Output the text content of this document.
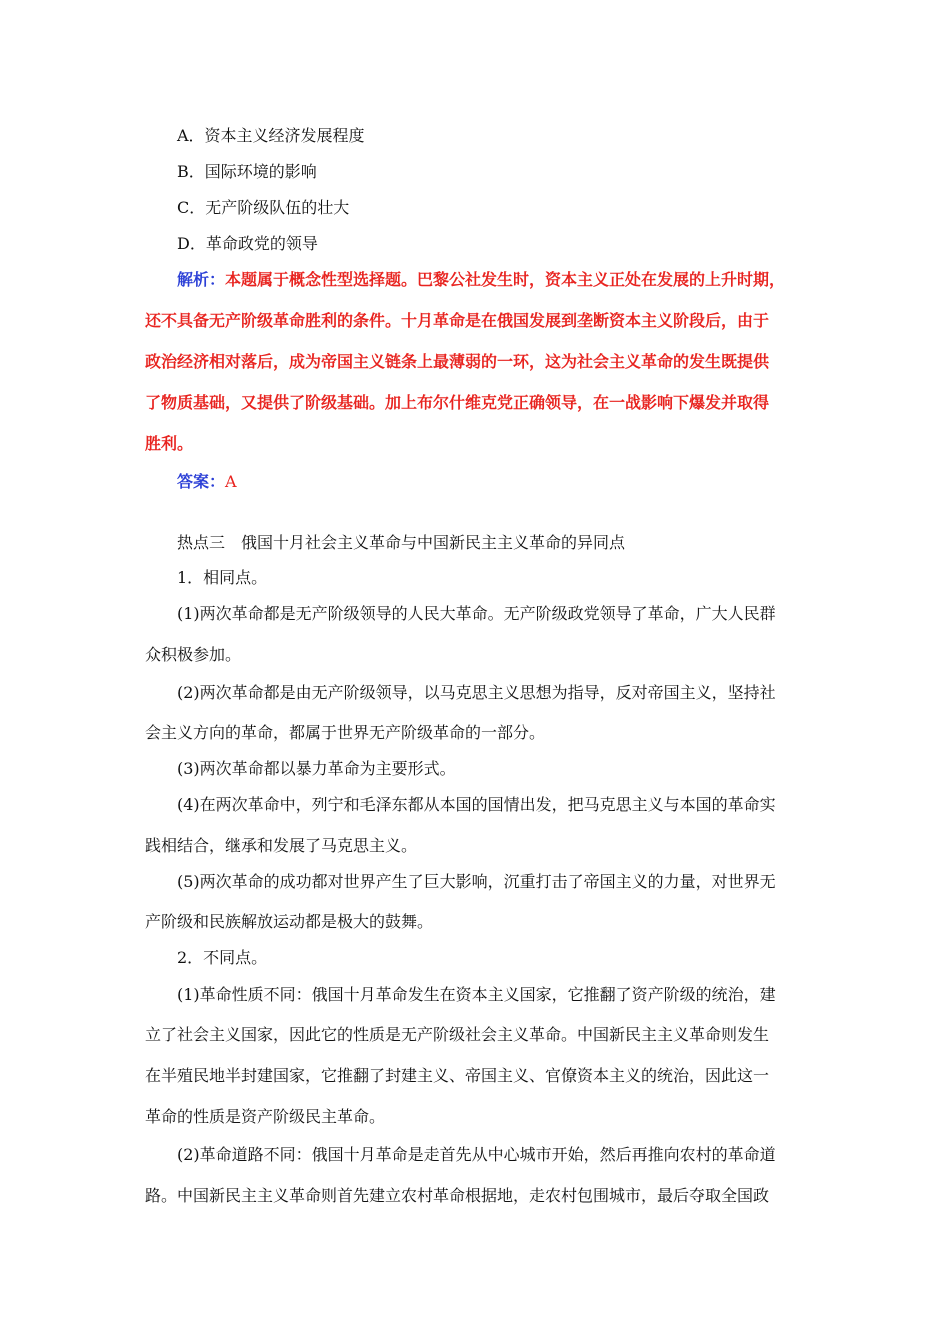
A．资本主义经济发展程度
B．国际环境的影响
C．无产阶级队伍的壮大
D．革命政党的领导
解析：本题属于概念性型选择题。巴黎公社发生时，资本主义正处在发展的上升时期，
还不具备无产阶级革命胜利的条件。十月革命是在俄国发展到垄断资本主义阶段后，由于
政治经济相对落后，成为帝国主义链条上最薄弱的一环，这为社会主义革命的发生既提供
了物质基础，又提供了阶级基础。加上布尔什维克党正确领导，在一战影响下爆发并取得
胜利。
答案：A
热点三　俄国十月社会主义革命与中国新民主主义革命的异同点
1．相同点。
(1)两次革命都是无产阶级领导的人民大革命。无产阶级政党领导了革命，广大人民群
众积极参加。
(2)两次革命都是由无产阶级领导，以马克思主义思想为指导，反对帝国主义，坚持社
会主义方向的革命，都属于世界无产阶级革命的一部分。
(3)两次革命都以暴力革命为主要形式。
(4)在两次革命中，列宁和毛泽东都从本国的国情出发，把马克思主义与本国的革命实
践相结合，继承和发展了马克思主义。
(5)两次革命的成功都对世界产生了巨大影响，沉重打击了帝国主义的力量，对世界无
产阶级和民族解放运动都是极大的鼓舞。
2．不同点。
(1)革命性质不同：俄国十月革命发生在资本主义国家，它推翻了资产阶级的统治，建
立了社会主义国家，因此它的性质是无产阶级社会主义革命。中国新民主主义革命则发生
在半殖民地半封建国家，它推翻了封建主义、帝国主义、官僚资本主义的统治，因此这一
革命的性质是资产阶级民主革命。
(2)革命道路不同：俄国十月革命是走首先从中心城市开始，然后再推向农村的革命道
路。中国新民主主义革命则首先建立农村革命根据地，走农村包围城市，最后夺取全国政
